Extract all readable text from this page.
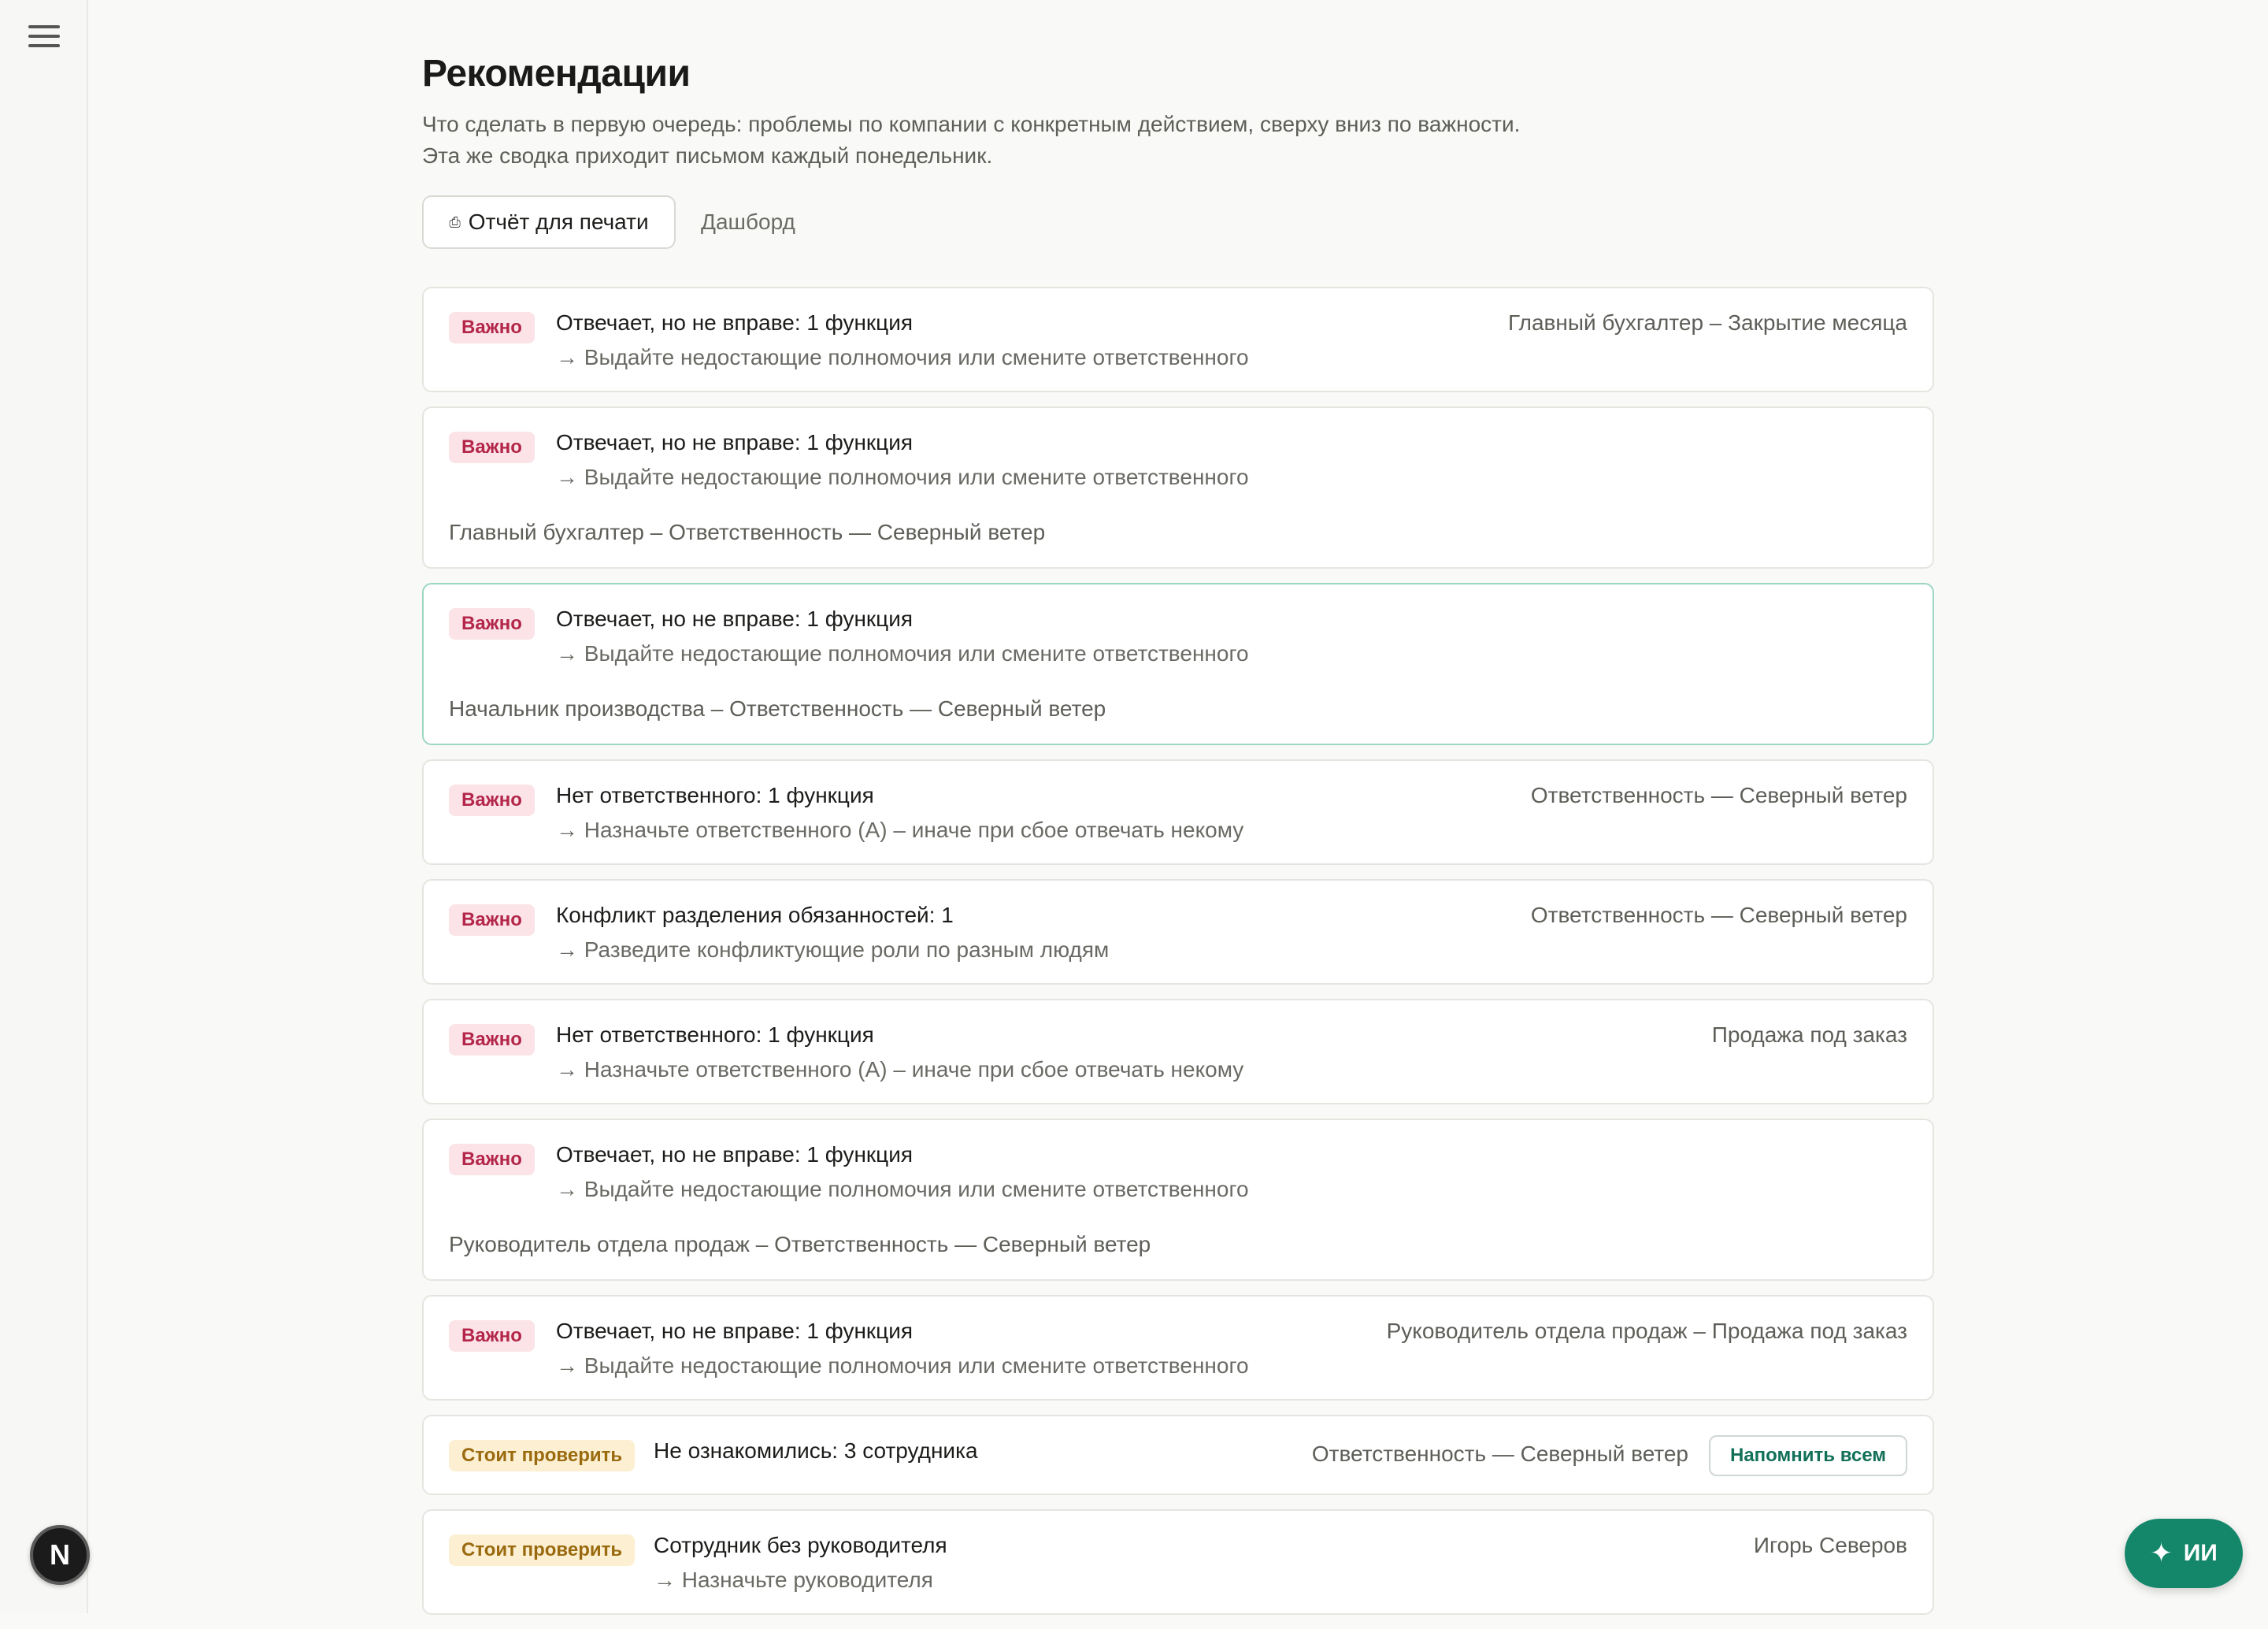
N
Рекомендации
Что сделать в первую очередь: проблемы по компании с конкретным действием, сверху вниз по важности.
Эта же сводка приходит письмом каждый понедельник.
⎙ Отчёт для печати Дашборд
Важно	Отвечает, но не вправе: 1 функция
→ Выдайте недостающие полномочия или смените ответственного
Главный бухгалтер – Закрытие месяца
Важно	Отвечает, но не вправе: 1 функция
→ Выдайте недостающие полномочия или смените ответственного
Главный бухгалтер – Ответственность — Северный ветер
Важно	Отвечает, но не вправе: 1 функция
→ Выдайте недостающие полномочия или смените ответственного
Начальник производства – Ответственность — Северный ветер
Важно	Нет ответственного: 1 функция
→ Назначьте ответственного (А) – иначе при сбое отвечать некому
Ответственность — Северный ветер
Важно	Конфликт разделения обязанностей: 1
→ Разведите конфликтующие роли по разным людям
Ответственность — Северный ветер
Важно	Нет ответственного: 1 функция
→ Назначьте ответственного (А) – иначе при сбое отвечать некому
Продажа под заказ
Важно	Отвечает, но не вправе: 1 функция
→ Выдайте недостающие полномочия или смените ответственного
Руководитель отдела продаж – Ответственность — Северный ветер
Важно	Отвечает, но не вправе: 1 функция
→ Выдайте недостающие полномочия или смените ответственного
Руководитель отдела продаж – Продажа под заказ
Стоит проверить	Не ознакомились: 3 сотрудника	Ответственность — Северный ветер	Напомнить всем
Стоит проверить	Сотрудник без руководителя
→ Назначьте руководителя
Игорь Северов	✦ ИИ
